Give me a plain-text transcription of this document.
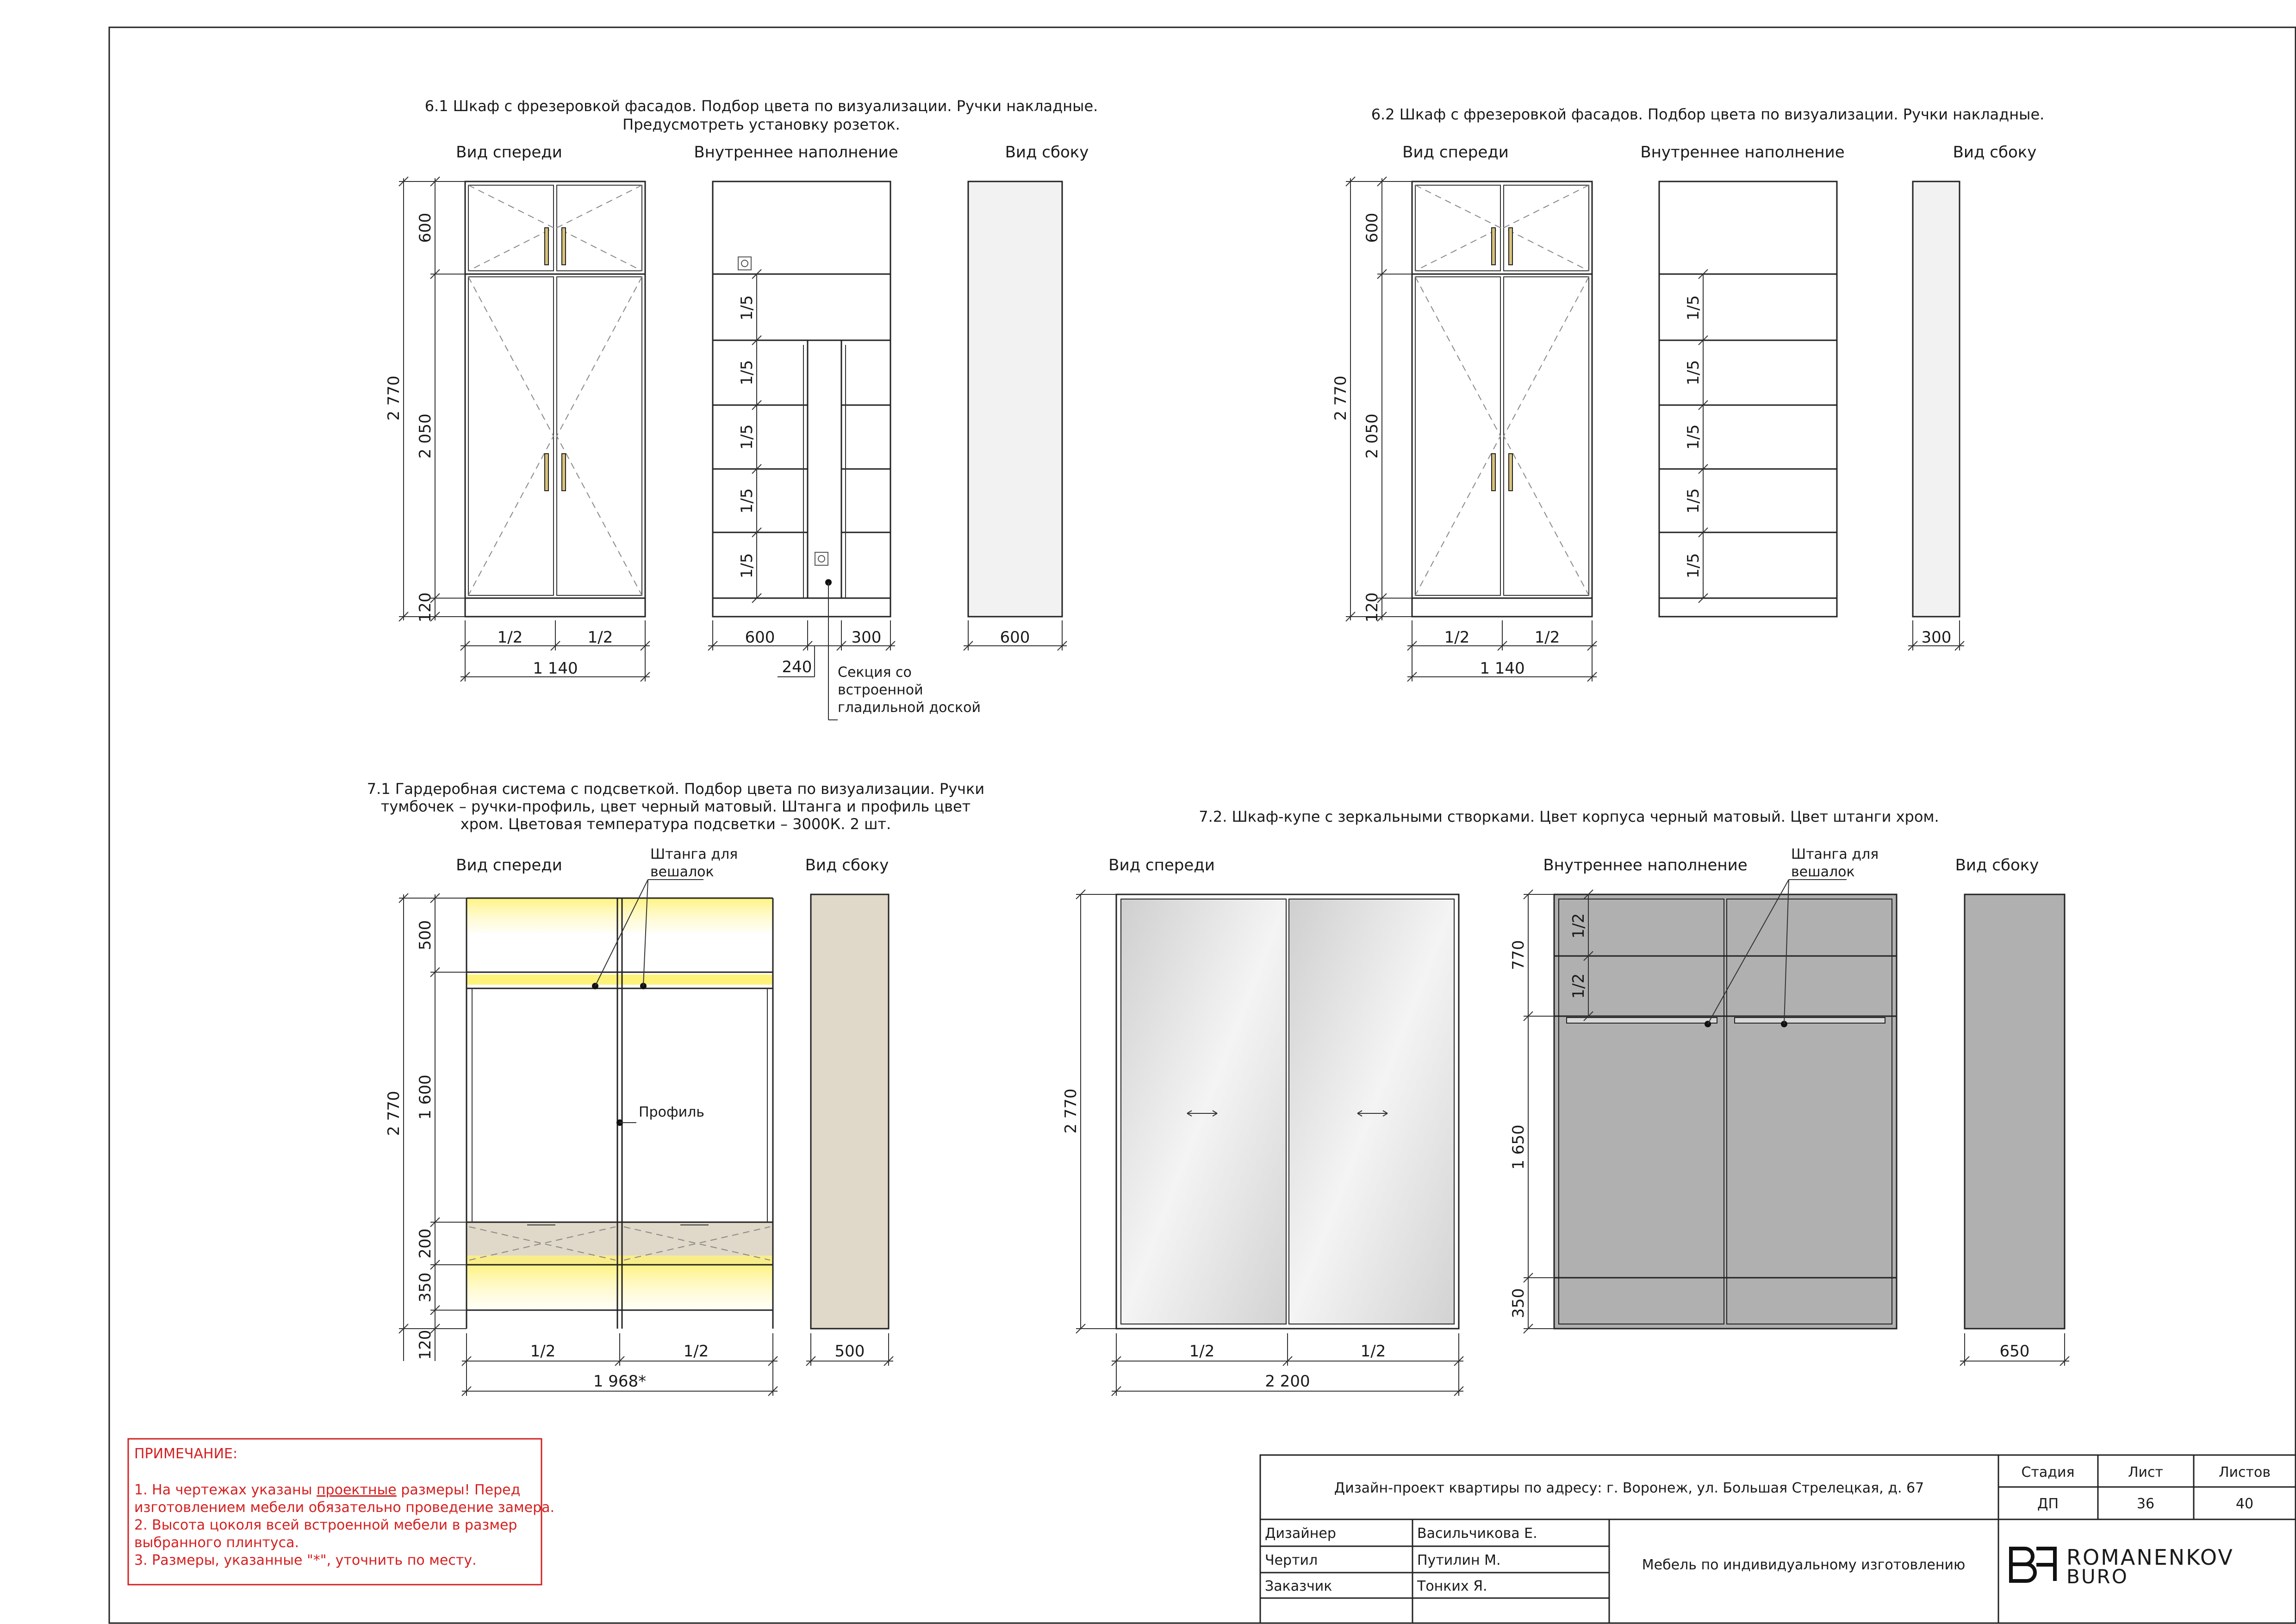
6.1 Шкаф с фрезеровкой фасадов. Подбор цвета по визуализации. Ручки накладные.
Предусмотреть установку розеток.
Вид спереди	Внутреннее наполнение	Вид сбоку
2 770
600
2 050
120
1/2	1/2
1 140
1/5
1/5
1/5
1/5
1/5
600	300
240 Секция со
встроенной
гладильной доской
600
6.2 Шкаф с фрезеровкой фасадов. Подбор цвета по визуализации. Ручки накладные.
Вид спереди	Внутреннее наполнение	Вид сбоку
2 770
600
2 050
120
1/2	1/2
1 140
1/5
1/5
1/5
1/5
1/5
300
7.1 Гардеробная система с подсветкой. Подбор цвета по визуализации. Ручки
тумбочек – ручки-профиль, цвет черный матовый. Штанга и профиль цвет
хром. Цветовая температура подсветки – 3000К. 2 шт.
Вид спереди	Вид сбоку
Штанга для
вешалок
Профиль
2 770
500
1 600
200
350
120	1/2	1/2
1 968*
500
7.2. Шкаф-купе с зеркальными створками. Цвет корпуса черный матовый. Цвет штанги хром.
Вид спереди	Внутреннее наполнение	Вид сбоку
2 770
1/2	1/2
2 200
Штанга для
вешалок
1/2
1/2
770
1 650
350
650
ПРИМЕЧАНИЕ:
1. На чертежах указаны проектные размеры! Перед
изготовлением мебели обязательно проведение замера.
2. Высота цоколя всей встроенной мебели в размер
выбранного плинтуса.
3. Размеры, указанные "*", уточнить по месту.
Дизайн-проект квартиры по адресу: г. Воронеж, ул. Большая Стрелецкая, д. 67
Стадия	Лист	Листов
ДП	36	40
Дизайнер	Васильчикова Е.
Чертил	Путилин М.
Заказчик	Тонких Я.
Мебель по индивидуальному изготовлению	ROMANENKOV
BURO
